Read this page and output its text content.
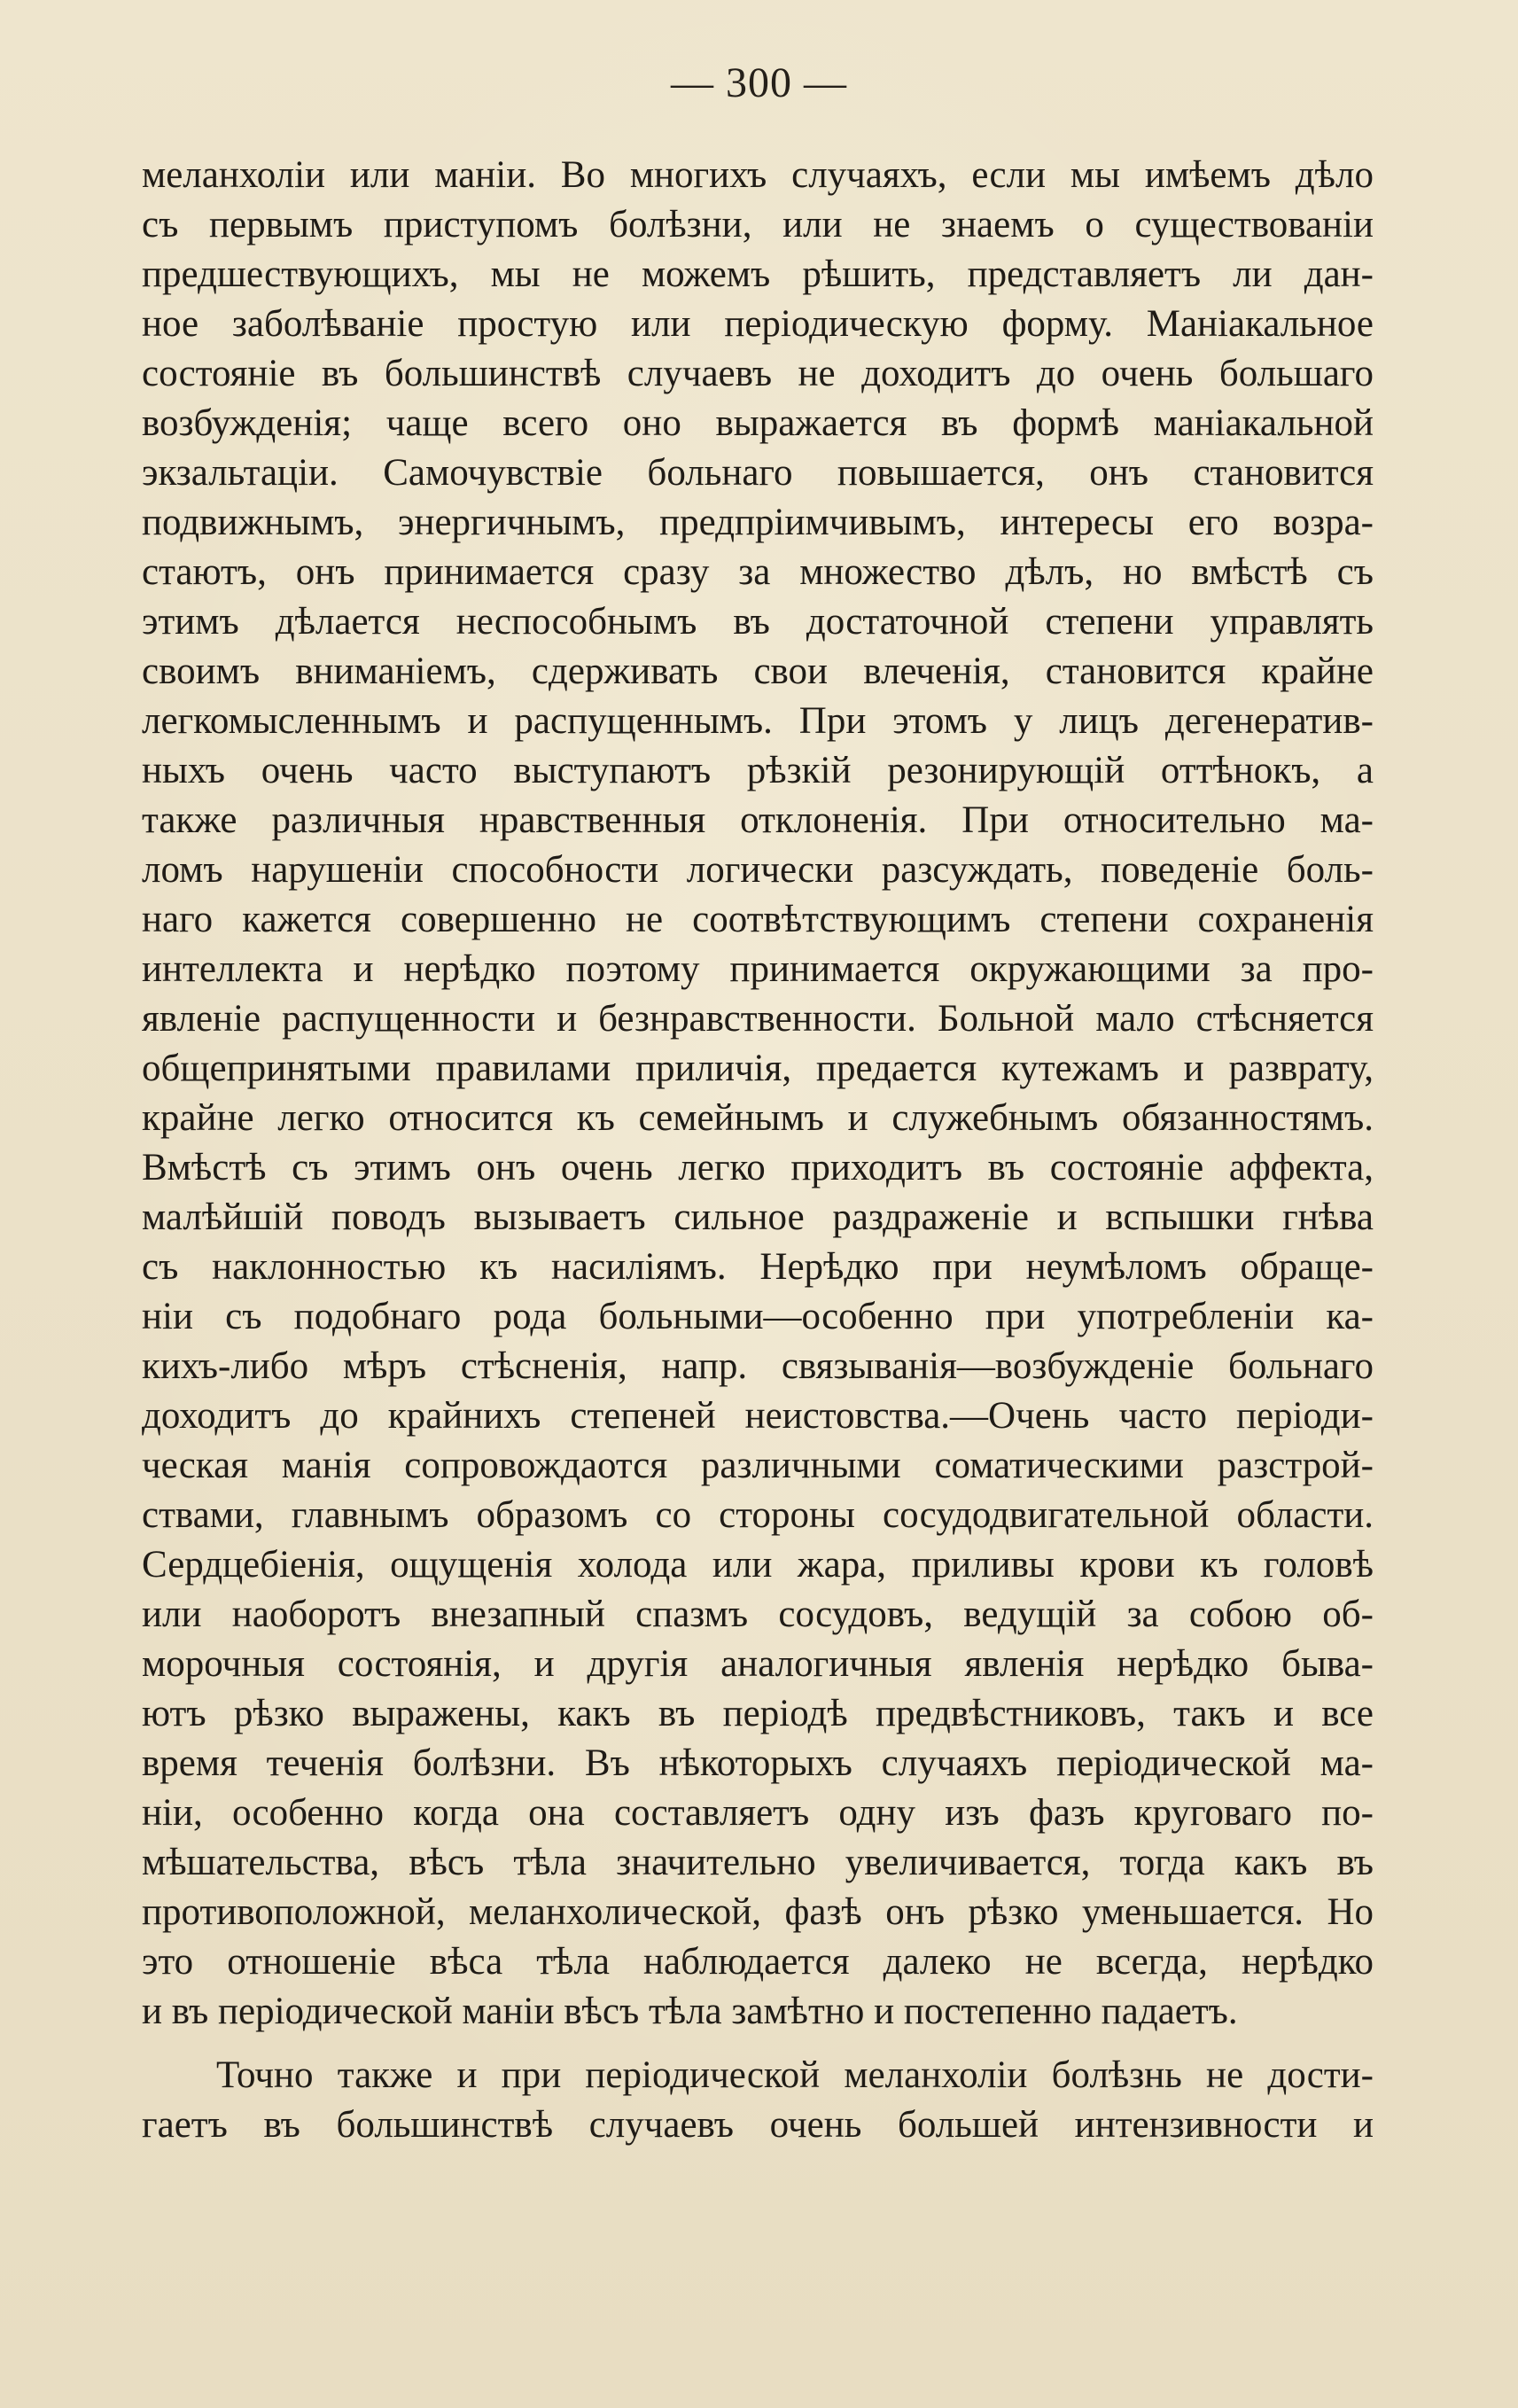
— 300 —
меланхоліи или маніи. Во многихъ случаяхъ, если мы имѣемъ дѣло
съ первымъ приступомъ болѣзни, или не знаемъ о существованіи
предшествующихъ, мы не можемъ рѣшить, представляетъ ли дан-
ное заболѣваніе простую или періодическую форму. Маніакальное
состояніе въ большинствѣ случаевъ не доходитъ до очень большаго
возбужденія; чаще всего оно выражается въ формѣ маніакальной
экзальтаціи. Самочувствіе больнаго повышается, онъ становится
подвижнымъ, энергичнымъ, предпріимчивымъ, интересы его возра-
стаютъ, онъ принимается сразу за множество дѣлъ, но вмѣстѣ съ
этимъ дѣлается неспособнымъ въ достаточной степени управлять
своимъ вниманіемъ, сдерживать свои влеченія, становится крайне
легкомысленнымъ и распущеннымъ. При этомъ у лицъ дегенератив-
ныхъ очень часто выступаютъ рѣзкій резонирующій оттѣнокъ, а
также различныя нравственныя отклоненія. При относительно ма-
ломъ нарушеніи способности логически разсуждать, поведеніе боль-
наго кажется совершенно не соотвѣтствующимъ степени сохраненія
интеллекта и нерѣдко поэтому принимается окружающими за про-
явленіе распущенности и безнравственности. Больной мало стѣсняется
общепринятыми правилами приличія, предается кутежамъ и разврату,
крайне легко относится къ семейнымъ и служебнымъ обязанностямъ.
Вмѣстѣ съ этимъ онъ очень легко приходитъ въ состояніе аффекта,
малѣйшій поводъ вызываетъ сильное раздраженіе и вспышки гнѣва
съ наклонностью къ насиліямъ. Нерѣдко при неумѣломъ обраще-
ніи съ подобнаго рода больными—особенно при употребленіи ка-
кихъ-либо мѣръ стѣсненія, напр. связыванія—возбужденіе больнаго
доходитъ до крайнихъ степеней неистовства.—Очень часто періоди-
ческая манія сопровождаотся различными соматическими разстрой-
ствами, главнымъ образомъ со стороны сосудодвигательной области.
Сердцебіенія, ощущенія холода или жара, приливы крови къ головѣ
или наоборотъ внезапный спазмъ сосудовъ, ведущій за собою об-
морочныя состоянія, и другія аналогичныя явленія нерѣдко быва-
ютъ рѣзко выражены, какъ въ періодѣ предвѣстниковъ, такъ и все
время теченія болѣзни. Въ нѣкоторыхъ случаяхъ періодической ма-
ніи, особенно когда она составляетъ одну изъ фазъ круговаго по-
мѣшательства, вѣсъ тѣла значительно увеличивается, тогда какъ въ
противоположной, меланхолической, фазѣ онъ рѣзко уменьшается. Но
это отношеніе вѣса тѣла наблюдается далеко не всегда, нерѣдко
и въ періодической маніи вѣсъ тѣла замѣтно и постепенно падаетъ.
Точно также и при періодической меланхоліи болѣзнь не дости-
гаетъ въ большинствѣ случаевъ очень большей интензивности и
